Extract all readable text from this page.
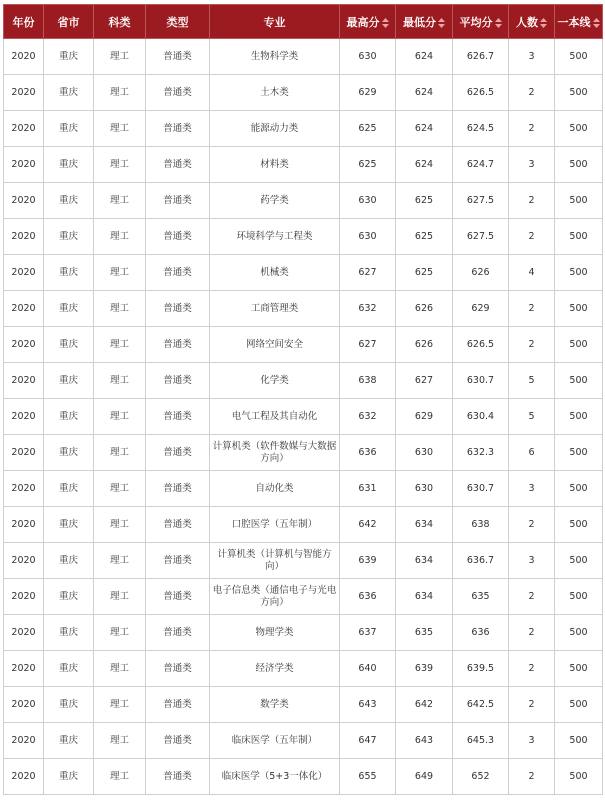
年份	省市	科类	类型	专业	最高分	最低分	平均分	人数	一本线

2020	重庆	理工	普通类	生物科学类	630	624	626.7	3	500
2020	重庆	理工	普通类	土木类	629	624	626.5	2	500
2020	重庆	理工	普通类	能源动力类	625	624	624.5	2	500
2020	重庆	理工	普通类	材料类	625	624	624.7	3	500
2020	重庆	理工	普通类	药学类	630	625	627.5	2	500
2020	重庆	理工	普通类	环境科学与工程类	630	625	627.5	2	500
2020	重庆	理工	普通类	机械类	627	625	626	4	500
2020	重庆	理工	普通类	工商管理类	632	626	629	2	500
2020	重庆	理工	普通类	网络空间安全	627	626	626.5	2	500
2020	重庆	理工	普通类	化学类	638	627	630.7	5	500
2020	重庆	理工	普通类	电气工程及其自动化	632	629	630.4	5	500
2020	重庆	理工	普通类	计算机类（软件数媒与大数据方向）	636	630	632.3	6	500
2020	重庆	理工	普通类	自动化类	631	630	630.7	3	500
2020	重庆	理工	普通类	口腔医学（五年制）	642	634	638	2	500
2020	重庆	理工	普通类	计算机类（计算机与智能方向）	639	634	636.7	3	500
2020	重庆	理工	普通类	电子信息类（通信电子与光电方向）	636	634	635	2	500
2020	重庆	理工	普通类	物理学类	637	635	636	2	500
2020	重庆	理工	普通类	经济学类	640	639	639.5	2	500
2020	重庆	理工	普通类	数学类	643	642	642.5	2	500
2020	重庆	理工	普通类	临床医学（五年制）	647	643	645.3	3	500
2020	重庆	理工	普通类	临床医学（5+3一体化）	655	649	652	2	500
